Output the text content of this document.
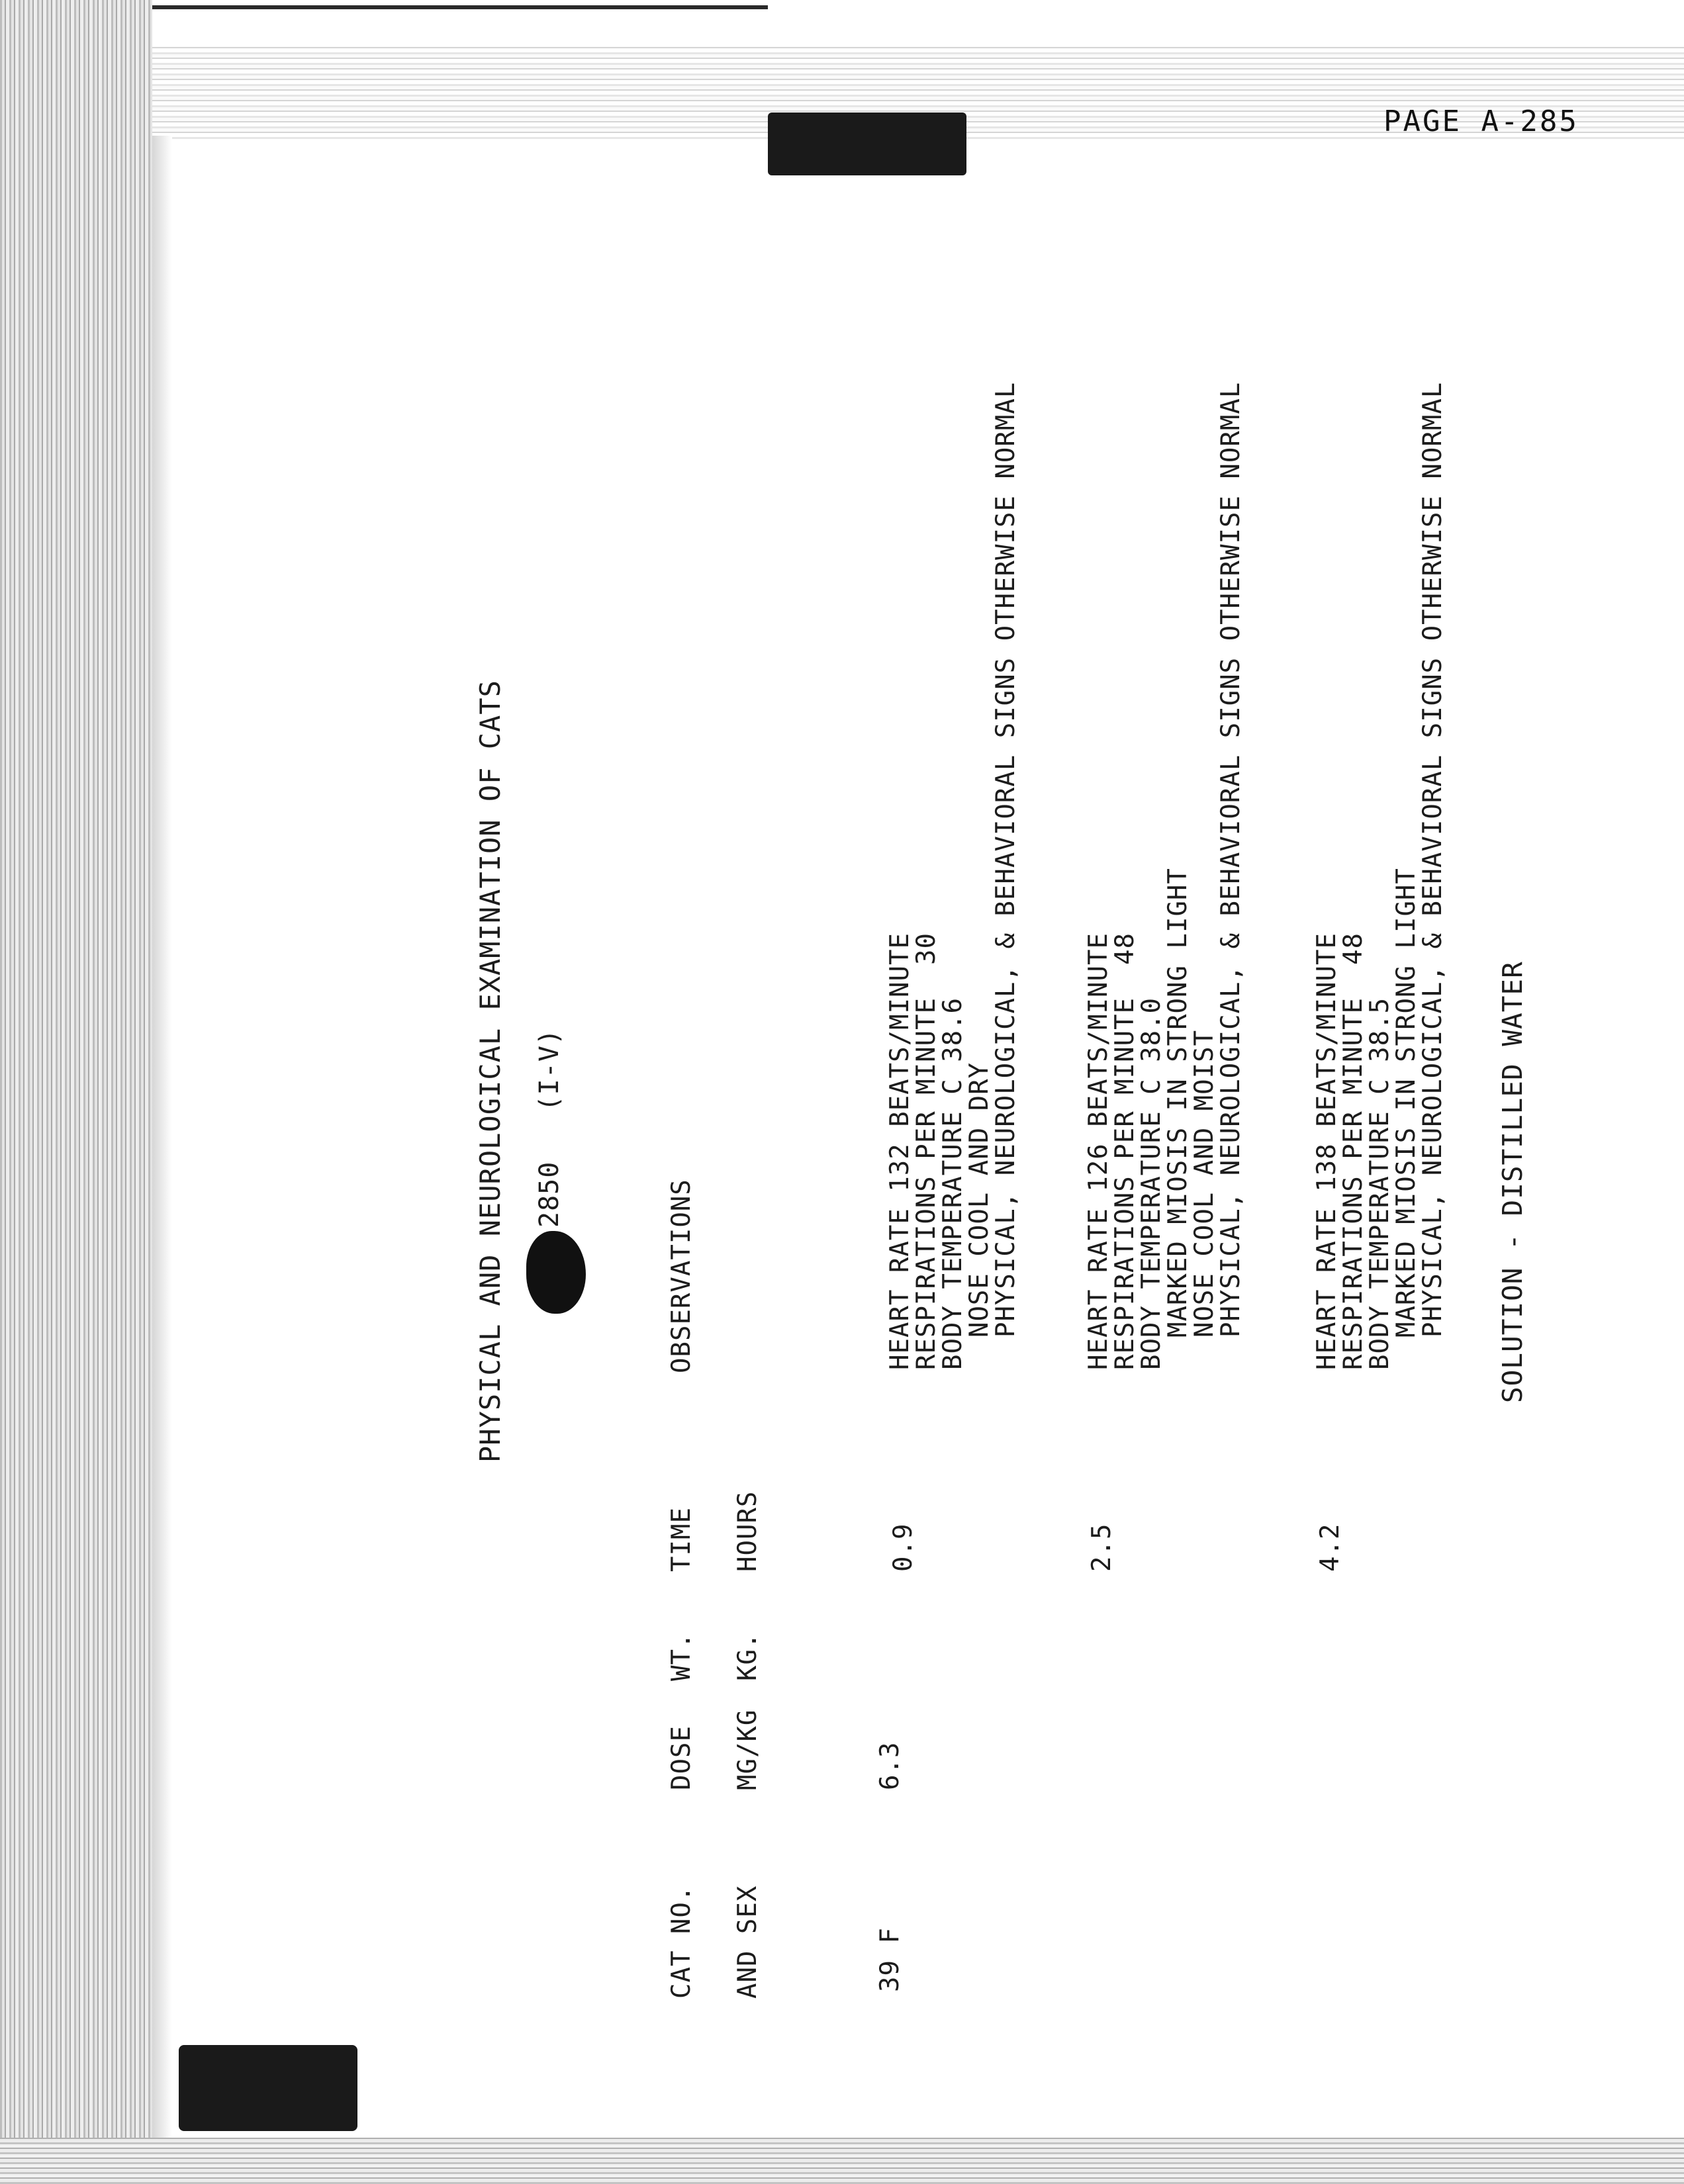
PAGE A-285
PHYSICAL AND NEUROLOGICAL EXAMINATION OF CATS 2850   (I-V)
CAT NO. AND SEX
DOSE MG/KG
WT. KG.
TIME HOURS
OBSERVATIONS
39 F
6.3
0.9
HEART RATE 132 BEATS/MINUTE
RESPIRATIONS PER MINUTE  30
BODY TEMPERATURE C 38.6
NOSE COOL AND DRY
PHYSICAL, NEUROLOGICAL, & BEHAVIORAL SIGNS OTHERWISE NORMAL
2.5
HEART RATE 126 BEATS/MINUTE
RESPIRATIONS PER MINUTE  48
BODY TEMPERATURE C 38.0
MARKED MIOSIS IN STRONG LIGHT
NOSE COOL AND MOIST
PHYSICAL, NEUROLOGICAL, & BEHAVIORAL SIGNS OTHERWISE NORMAL
4.2
HEART RATE 138 BEATS/MINUTE
RESPIRATIONS PER MINUTE  48
BODY TEMPERATURE C 38.5
MARKED MIOSIS IN STRONG LIGHT
PHYSICAL, NEUROLOGICAL, & BEHAVIORAL SIGNS OTHERWISE NORMAL SOLUTION - DISTILLED WATER
